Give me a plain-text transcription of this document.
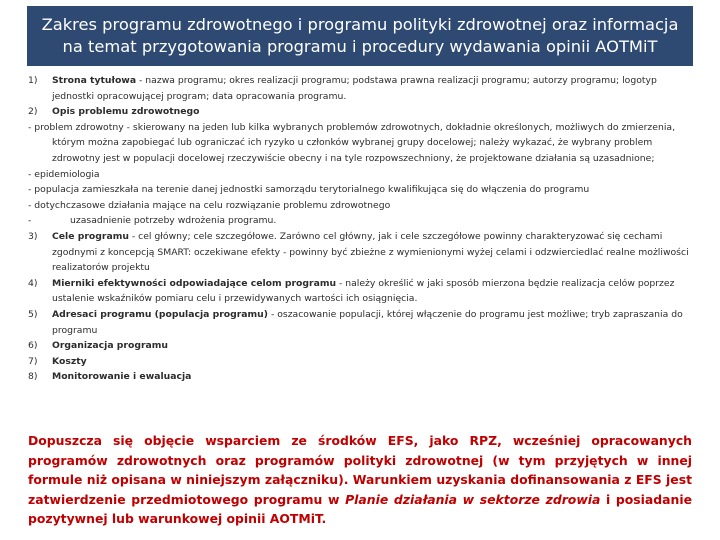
Zakres programu zdrowotnego i programu polityki zdrowotnej oraz informacja
na temat przygotowania programu i procedury wydawania opinii AOTMiT
1) Strona tytułowa - nazwa programu; okres realizacji programu; podstawa prawna realizacji programu; autorzy programu; logotyp jednostki opracowującej program; data opracowania programu.
2) Opis problemu zdrowotnego
- problem zdrowotny - skierowany na jeden lub kilka wybranych problemów zdrowotnych, dokładnie określonych, możliwych do zmierzenia, którym można zapobiegać lub ograniczać ich ryzyko u członków wybranej grupy docelowej; należy wykazać, że wybrany problem zdrowotny jest w populacji docelowej rzeczywiście obecny i na tyle rozpowszechniony, że projektowane działania są uzasadnione;
- epidemiologia
- populacja zamieszkała na terenie danej jednostki samorządu terytorialnego kwalifikująca się do włączenia do programu
- dotychczasowe działania mające na celu rozwiązanie problemu zdrowotnego
-	uzasadnienie potrzeby wdrożenia programu.
3) Cele programu - cel główny; cele szczegółowe. Zarówno cel główny, jak i cele szczegółowe powinny charakteryzować się cechami zgodnymi z koncepcją SMART: oczekiwane efekty - powinny być zbieżne z wymienionymi wyżej celami i odzwierciedlać realne możliwości realizatorów projektu
4) Mierniki efektywności odpowiadające celom programu - należy określić w jaki sposób mierzona będzie realizacja celów poprzez ustalenie wskaźników pomiaru celu i przewidywanych wartości ich osiągnięcia.
5) Adresaci programu (populacja programu) - oszacowanie populacji, której włączenie do programu jest możliwe; tryb zapraszania do programu
6) Organizacja programu
7) Koszty
8) Monitorowanie i ewaluacja
Dopuszcza się objęcie wsparciem ze środków EFS, jako RPZ, wcześniej opracowanych programów zdrowotnych oraz programów polityki zdrowotnej (w tym przyjętych w innej formule niż opisana w niniejszym załączniku). Warunkiem uzyskania dofinansowania z EFS jest zatwierdzenie przedmiotowego programu w Planie działania w sektorze zdrowia i posiadanie pozytywnej lub warunkowej opinii AOTMiT.
